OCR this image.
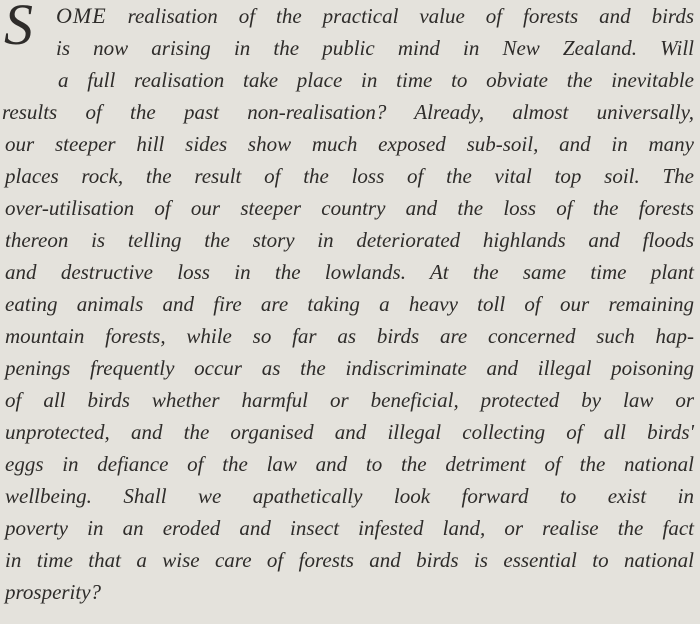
S	OME realisation of the practical value of forests and birds
is now arising in the public mind in New Zealand. Will
a full realisation take place in time to obviate the inevitable
results of the past non-realisation? Already, almost universally,
our steeper hill sides show much exposed sub-soil, and in many
places rock, the result of the loss of the vital top soil. The
over-utilisation of our steeper country and the loss of the forests
thereon is telling the story in deteriorated highlands and floods
and destructive loss in the lowlands. At the same time plant
eating animals and fire are taking a heavy toll of our remaining
mountain forests, while so far as birds are concerned such hap-
penings frequently occur as the indiscriminate and illegal poisoning
of all birds whether harmful or beneficial, protected by law or
unprotected, and the organised and illegal collecting of all birds'
eggs in defiance of the law and to the detriment of the national
wellbeing. Shall we apathetically look forward to exist in
poverty in an eroded and insect infested land, or realise the fact
in time that a wise care of forests and birds is essential to national
prosperity?
